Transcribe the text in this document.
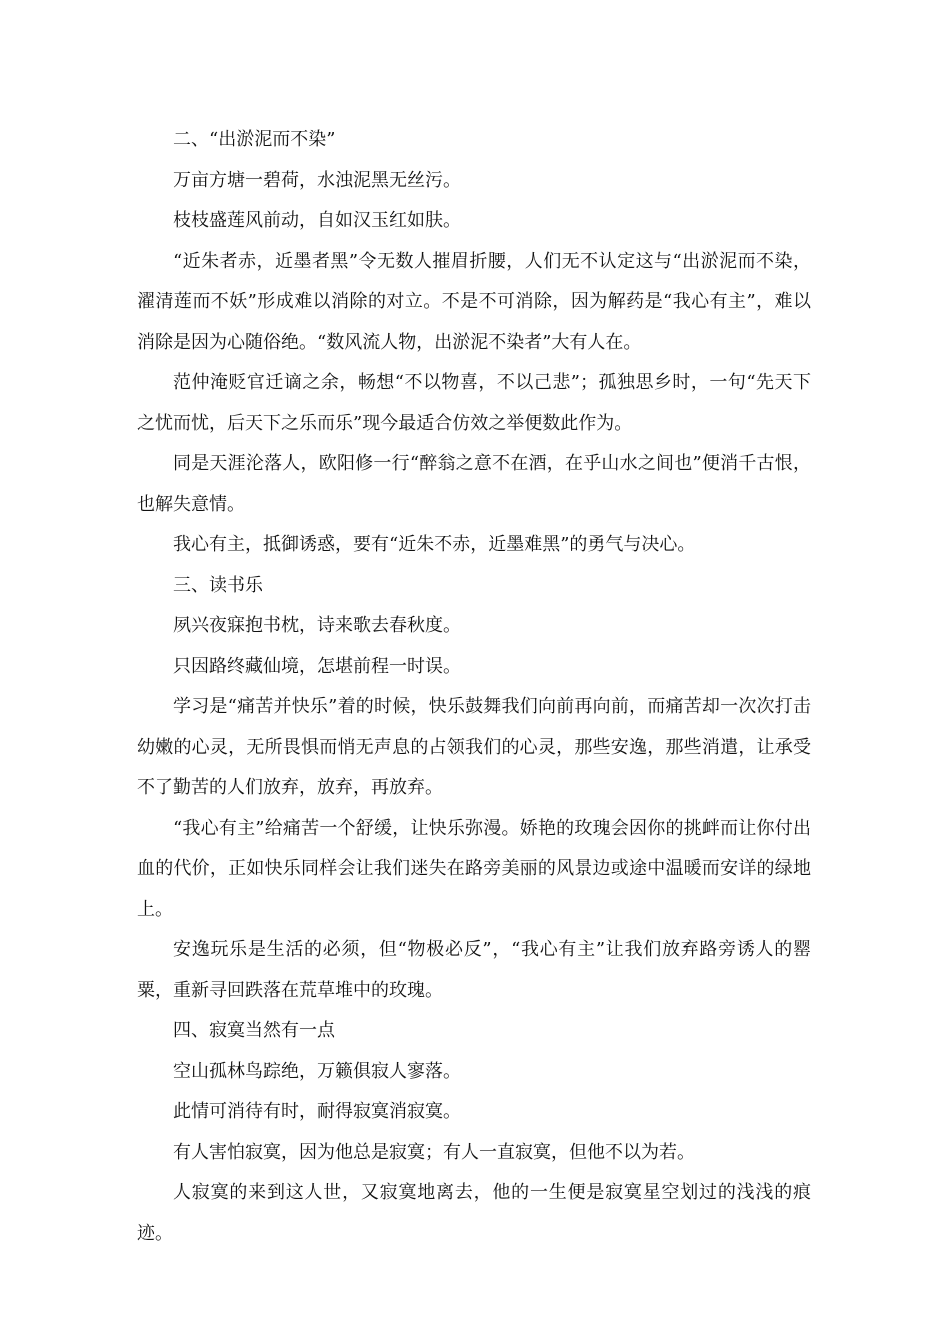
二、“出淤泥而不染”

万亩方塘一碧荷，水浊泥黑无丝污。

枝枝盛莲风前动，自如汉玉红如肤。

“近朱者赤，近墨者黑”令无数人摧眉折腰，人们无不认定这与“出淤泥而不染，濯清莲而不妖”形成难以消除的对立。不是不可消除，因为解药是“我心有主”，难以消除是因为心随俗绝。“数风流人物，出淤泥不染者”大有人在。

范仲淹贬官迁谪之余，畅想“不以物喜，不以己悲”；孤独思乡时，一句“先天下之忧而忧，后天下之乐而乐”现今最适合仿效之举便数此作为。

同是天涯沦落人，欧阳修一行“醉翁之意不在酒，在乎山水之间也”便消千古恨，也解失意情。

我心有主，抵御诱惑，要有“近朱不赤，近墨难黑”的勇气与决心。

三、读书乐

夙兴夜寐抱书枕，诗来歌去春秋度。

只因路终藏仙境，怎堪前程一时误。

学习是“痛苦并快乐”着的时候，快乐鼓舞我们向前再向前，而痛苦却一次次打击幼嫩的心灵，无所畏惧而悄无声息的占领我们的心灵，那些安逸，那些消遣，让承受不了勤苦的人们放弃，放弃，再放弃。

“我心有主”给痛苦一个舒缓，让快乐弥漫。娇艳的玫瑰会因你的挑衅而让你付出血的代价，正如快乐同样会让我们迷失在路旁美丽的风景边或途中温暖而安详的绿地上。

安逸玩乐是生活的必须，但“物极必反”，“我心有主”让我们放弃路旁诱人的罂粟，重新寻回跌落在荒草堆中的玫瑰。

四、寂寞当然有一点

空山孤林鸟踪绝，万籁俱寂人寥落。

此情可消待有时，耐得寂寞消寂寞。

有人害怕寂寞，因为他总是寂寞；有人一直寂寞，但他不以为若。

人寂寞的来到这人世，又寂寞地离去，他的一生便是寂寞星空划过的浅浅的痕迹。
